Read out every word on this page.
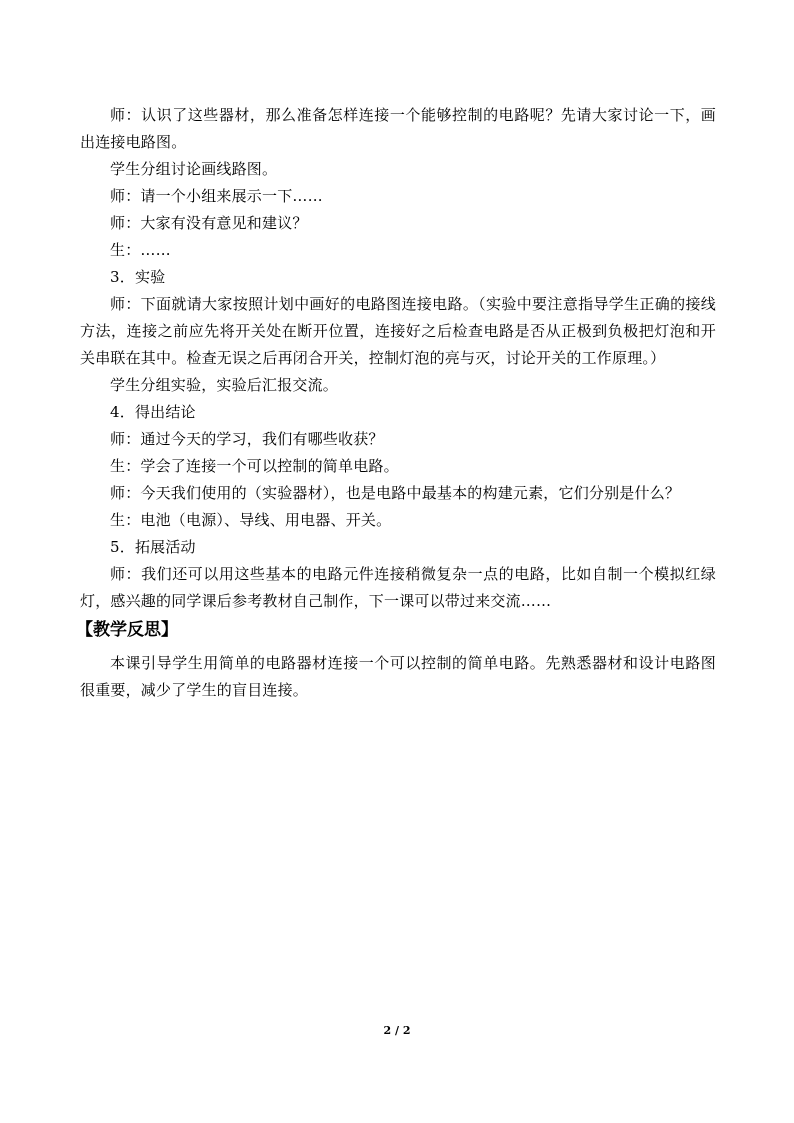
师：认识了这些器材，那么准备怎样连接一个能够控制的电路呢？先请大家讨论一下，画出连接电路图。

学生分组讨论画线路图。

师：请一个小组来展示一下……

师：大家有没有意见和建议？

生：……

3．实验

师：下面就请大家按照计划中画好的电路图连接电路。（实验中要注意指导学生正确的接线方法，连接之前应先将开关处在断开位置，连接好之后检查电路是否从正极到负极把灯泡和开关串联在其中。检查无误之后再闭合开关，控制灯泡的亮与灭，讨论开关的工作原理。）

学生分组实验，实验后汇报交流。

4．得出结论

师：通过今天的学习，我们有哪些收获？

生：学会了连接一个可以控制的简单电路。

师：今天我们使用的（实验器材），也是电路中最基本的构建元素，它们分别是什么？

生：电池（电源）、导线、用电器、开关。

5．拓展活动

师：我们还可以用这些基本的电路元件连接稍微复杂一点的电路，比如自制一个模拟红绿灯，感兴趣的同学课后参考教材自己制作，下一课可以带过来交流……

【教学反思】

本课引导学生用简单的电路器材连接一个可以控制的简单电路。先熟悉器材和设计电路图很重要，减少了学生的盲目连接。

2 / 2
